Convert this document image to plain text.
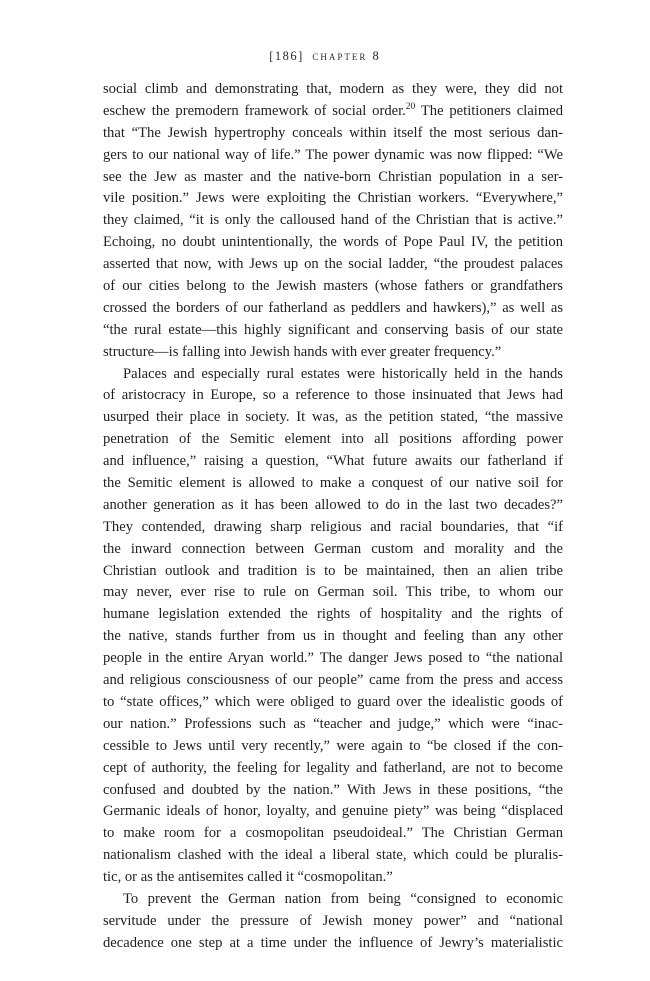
[186] chapter 8
social climb and demonstrating that, modern as they were, they did not
eschew the premodern framework of social order.$^{20}$ The petitioners claimed
that “The Jewish hypertrophy conceals within itself the most serious dan-
gers to our national way of life.” The power dynamic was now flipped: “We
see the Jew as master and the native-born Christian population in a ser-
vile position.” Jews were exploiting the Christian workers. “Everywhere,”
they claimed, “it is only the calloused hand of the Christian that is active.”
Echoing, no doubt unintentionally, the words of Pope Paul IV, the petition
asserted that now, with Jews up on the social ladder, “the proudest palaces
of our cities belong to the Jewish masters (whose fathers or grandfathers
crossed the borders of our fatherland as peddlers and hawkers),” as well as
“the rural estate—this highly significant and conserving basis of our state
structure—is falling into Jewish hands with ever greater frequency.”
Palaces and especially rural estates were historically held in the hands
of aristocracy in Europe, so a reference to those insinuated that Jews had
usurped their place in society. It was, as the petition stated, “the massive
penetration of the Semitic element into all positions affording power
and influence,” raising a question, “What future awaits our fatherland if
the Semitic element is allowed to make a conquest of our native soil for
another generation as it has been allowed to do in the last two decades?”
They contended, drawing sharp religious and racial boundaries, that “if
the inward connection between German custom and morality and the
Christian outlook and tradition is to be maintained, then an alien tribe
may never, ever rise to rule on German soil. This tribe, to whom our
humane legislation extended the rights of hospitality and the rights of
the native, stands further from us in thought and feeling than any other
people in the entire Aryan world.” The danger Jews posed to “the national
and religious consciousness of our people” came from the press and access
to “state offices,” which were obliged to guard over the idealistic goods of
our nation.” Professions such as “teacher and judge,” which were “inac-
cessible to Jews until very recently,” were again to “be closed if the con-
cept of authority, the feeling for legality and fatherland, are not to become
confused and doubted by the nation.” With Jews in these positions, “the
Germanic ideals of honor, loyalty, and genuine piety” was being “displaced
to make room for a cosmopolitan pseudoideal.” The Christian German
nationalism clashed with the ideal a liberal state, which could be pluralis-
tic, or as the antisemites called it “cosmopolitan.”
To prevent the German nation from being “consigned to economic
servitude under the pressure of Jewish money power” and “national
decadence one step at a time under the influence of Jewry’s materialistic
